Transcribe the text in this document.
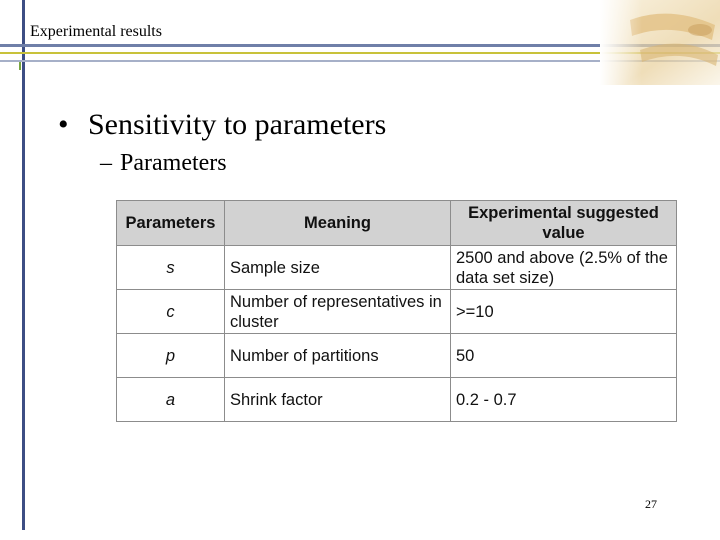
Experimental results
• Sensitivity to parameters
– Parameters
Parameters	Meaning	Experimental suggested value
s	Sample size	2500 and above (2.5% of the data set size)
c	Number of representatives in cluster	>=10
p	Number of partitions	50
a	Shrink factor	0.2 - 0.7
27
